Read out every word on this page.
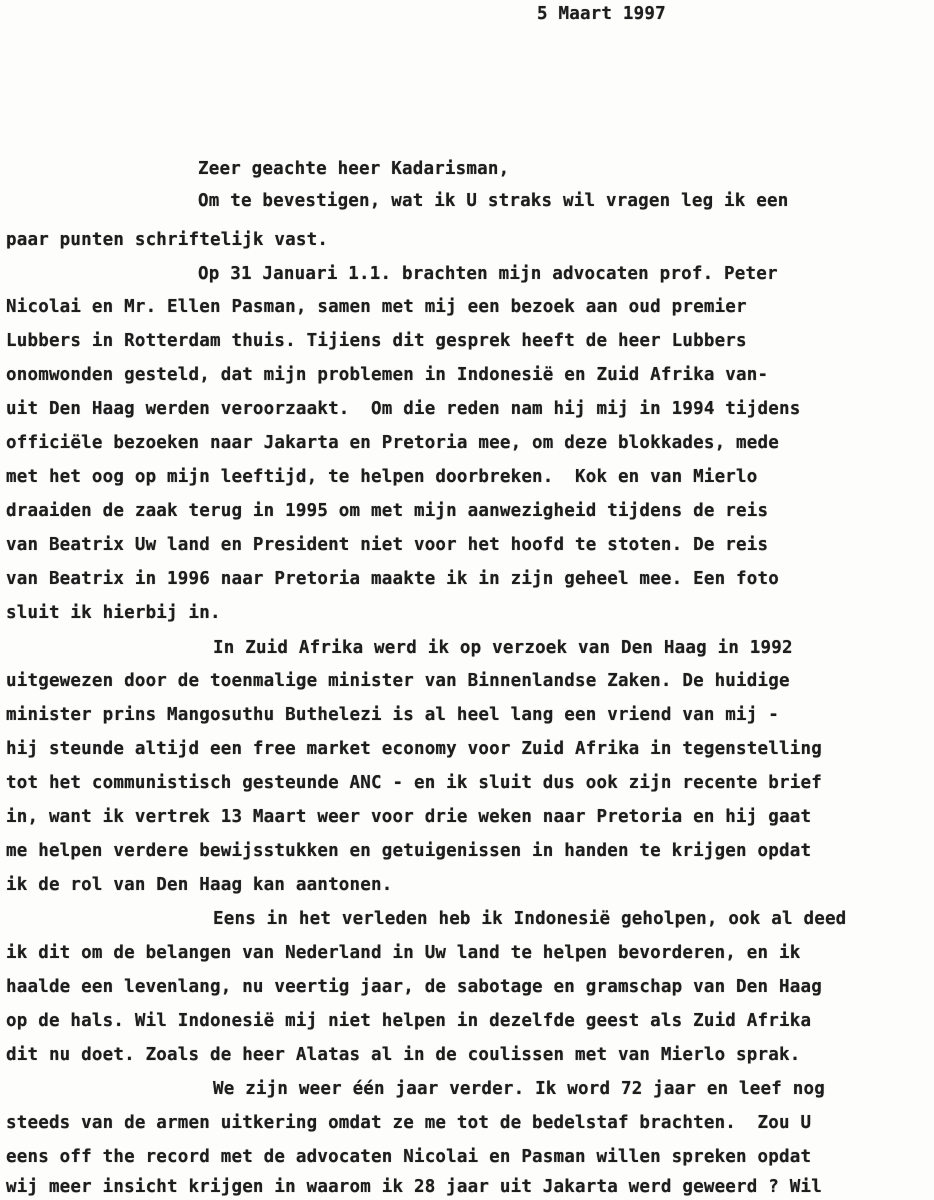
5 Maart 1997
Zeer geachte heer Kadarisman,
Om te bevestigen, wat ik U straks wil vragen leg ik een
paar punten schriftelijk vast.
Op 31 Januari 1.1. brachten mijn advocaten prof. Peter
Nicolai en Mr. Ellen Pasman, samen met mij een bezoek aan oud premier
Lubbers in Rotterdam thuis. Tijiens dit gesprek heeft de heer Lubbers
onomwonden gesteld, dat mijn problemen in Indonesië en Zuid Afrika van-
uit Den Haag werden veroorzaakt.  Om die reden nam hij mij in 1994 tijdens
officiële bezoeken naar Jakarta en Pretoria mee, om deze blokkades, mede
met het oog op mijn leeftijd, te helpen doorbreken.  Kok en van Mierlo
draaiden de zaak terug in 1995 om met mijn aanwezigheid tijdens de reis
van Beatrix Uw land en President niet voor het hoofd te stoten. De reis
van Beatrix in 1996 naar Pretoria maakte ik in zijn geheel mee. Een foto
sluit ik hierbij in.
In Zuid Afrika werd ik op verzoek van Den Haag in 1992
uitgewezen door de toenmalige minister van Binnenlandse Zaken. De huidige
minister prins Mangosuthu Buthelezi is al heel lang een vriend van mij -
hij steunde altijd een free market economy voor Zuid Afrika in tegenstelling
tot het communistisch gesteunde ANC - en ik sluit dus ook zijn recente brief
in, want ik vertrek 13 Maart weer voor drie weken naar Pretoria en hij gaat
me helpen verdere bewijsstukken en getuigenissen in handen te krijgen opdat
ik de rol van Den Haag kan aantonen.
Eens in het verleden heb ik Indonesië geholpen, ook al deed
ik dit om de belangen van Nederland in Uw land te helpen bevorderen, en ik
haalde een levenlang, nu veertig jaar, de sabotage en gramschap van Den Haag
op de hals. Wil Indonesië mij niet helpen in dezelfde geest als Zuid Afrika
dit nu doet. Zoals de heer Alatas al in de coulissen met van Mierlo sprak.
We zijn weer één jaar verder. Ik word 72 jaar en leef nog
steeds van de armen uitkering omdat ze me tot de bedelstaf brachten.  Zou U
eens off the record met de advocaten Nicolai en Pasman willen spreken opdat
wij meer insicht krijgen in waarom ik 28 jaar uit Jakarta werd geweerd ? Wil
